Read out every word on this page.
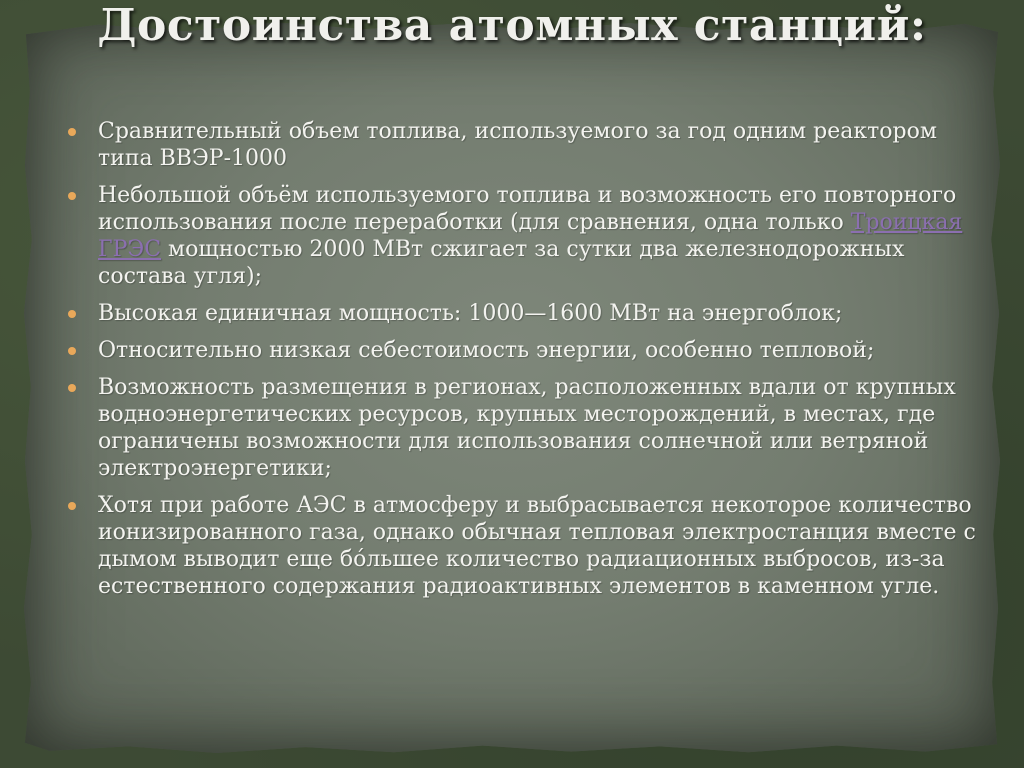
Достоинства атомных станций:
Сравнительный объем топлива, используемого за год одним реактором типа ВВЭР-1000
Небольшой объём используемого топлива и возможность его повторного использования после переработки (для сравнения, одна только Троицкая ГРЭС мощностью 2000 МВт сжигает за сутки два железнодорожных состава угля);
Высокая единичная мощность: 1000—1600 МВт на энергоблок;
Относительно низкая себестоимость энергии, особенно тепловой;
Возможность размещения в регионах, расположенных вдали от крупных водноэнергетических ресурсов, крупных месторождений, в местах, где ограничены возможности для использования солнечной или ветряной электроэнергетики;
Хотя при работе АЭС в атмосферу и выбрасывается некоторое количество ионизированного газа, однако обычная тепловая электростанция вместе с дымом выводит еще бóльшее количество радиационных выбросов, из-за естественного содержания радиоактивных элементов в каменном угле.
